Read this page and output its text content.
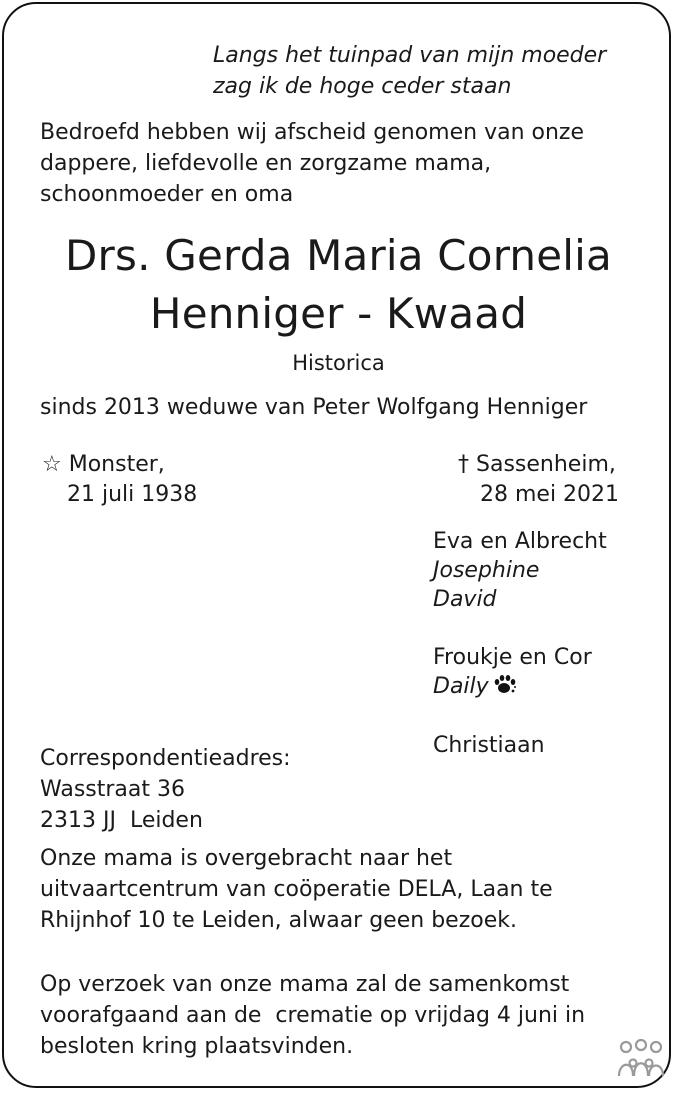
Langs het tuinpad van mijn moeder
zag ik de hoge ceder staan
Bedroefd hebben wij afscheid genomen van onze
dappere, liefdevolle en zorgzame mama,
schoonmoeder en oma
Drs. Gerda Maria Cornelia
Henniger - Kwaad
Historica
sinds 2013 weduwe van Peter Wolfgang Henniger
☆ Monster,
21 juli 1938
† Sassenheim,
28 mei 2021
Eva en Albrecht
Josephine
David
Froukje en Cor
Daily
Christiaan
Correspondentieadres:
Wasstraat 36
2313 JJ  Leiden
Onze mama is overgebracht naar het
uitvaartcentrum van coöperatie DELA, Laan te
Rhijnhof 10 te Leiden, alwaar geen bezoek.
Op verzoek van onze mama zal de samenkomst
voorafgaand aan de  crematie op vrijdag 4 juni in
besloten kring plaatsvinden.
